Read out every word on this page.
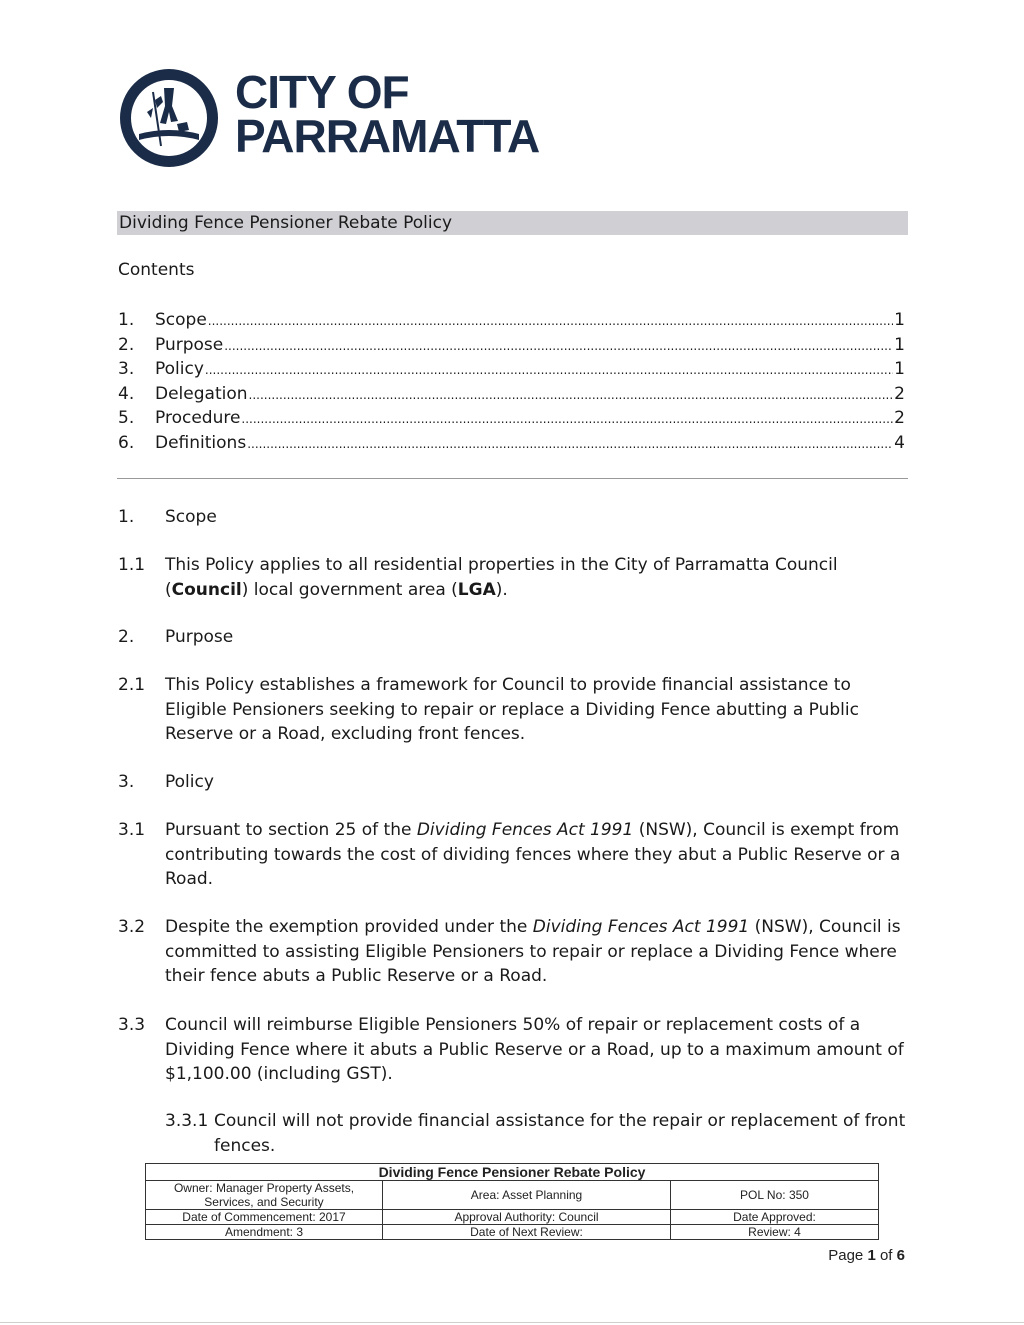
CITY OF
PARRAMATTA
Dividing Fence Pensioner Rebate Policy
Contents
1.	Scope .....	1
2.	Purpose .....	1
3.	Policy .....	1
4.	Delegation .....	2
5.	Procedure .....	2
6.	Definitions .....	4
1. Scope
1.1 This Policy applies to all residential properties in the City of Parramatta Council (Council) local government area (LGA).
2. Purpose
2.1 This Policy establishes a framework for Council to provide financial assistance to Eligible Pensioners seeking to repair or replace a Dividing Fence abutting a Public Reserve or a Road, excluding front fences.
3. Policy
3.1 Pursuant to section 25 of the Dividing Fences Act 1991 (NSW), Council is exempt from contributing towards the cost of dividing fences where they abut a Public Reserve or a Road.
3.2 Despite the exemption provided under the Dividing Fences Act 1991 (NSW), Council is committed to assisting Eligible Pensioners to repair or replace a Dividing Fence where their fence abuts a Public Reserve or a Road.
3.3 Council will reimburse Eligible Pensioners 50% of repair or replacement costs of a Dividing Fence where it abuts a Public Reserve or a Road, up to a maximum amount of $1,100.00 (including GST).
3.3.1 Council will not provide financial assistance for the repair or replacement of front fences.
Dividing Fence Pensioner Rebate Policy		
Owner: Manager Property Assets, Services, and Security	Area: Asset Planning	POL No: 350
Date of Commencement: 2017	Approval Authority: Council	Date Approved:
Amendment: 3	Date of Next Review:	Review: 4
Page 1 of 6
